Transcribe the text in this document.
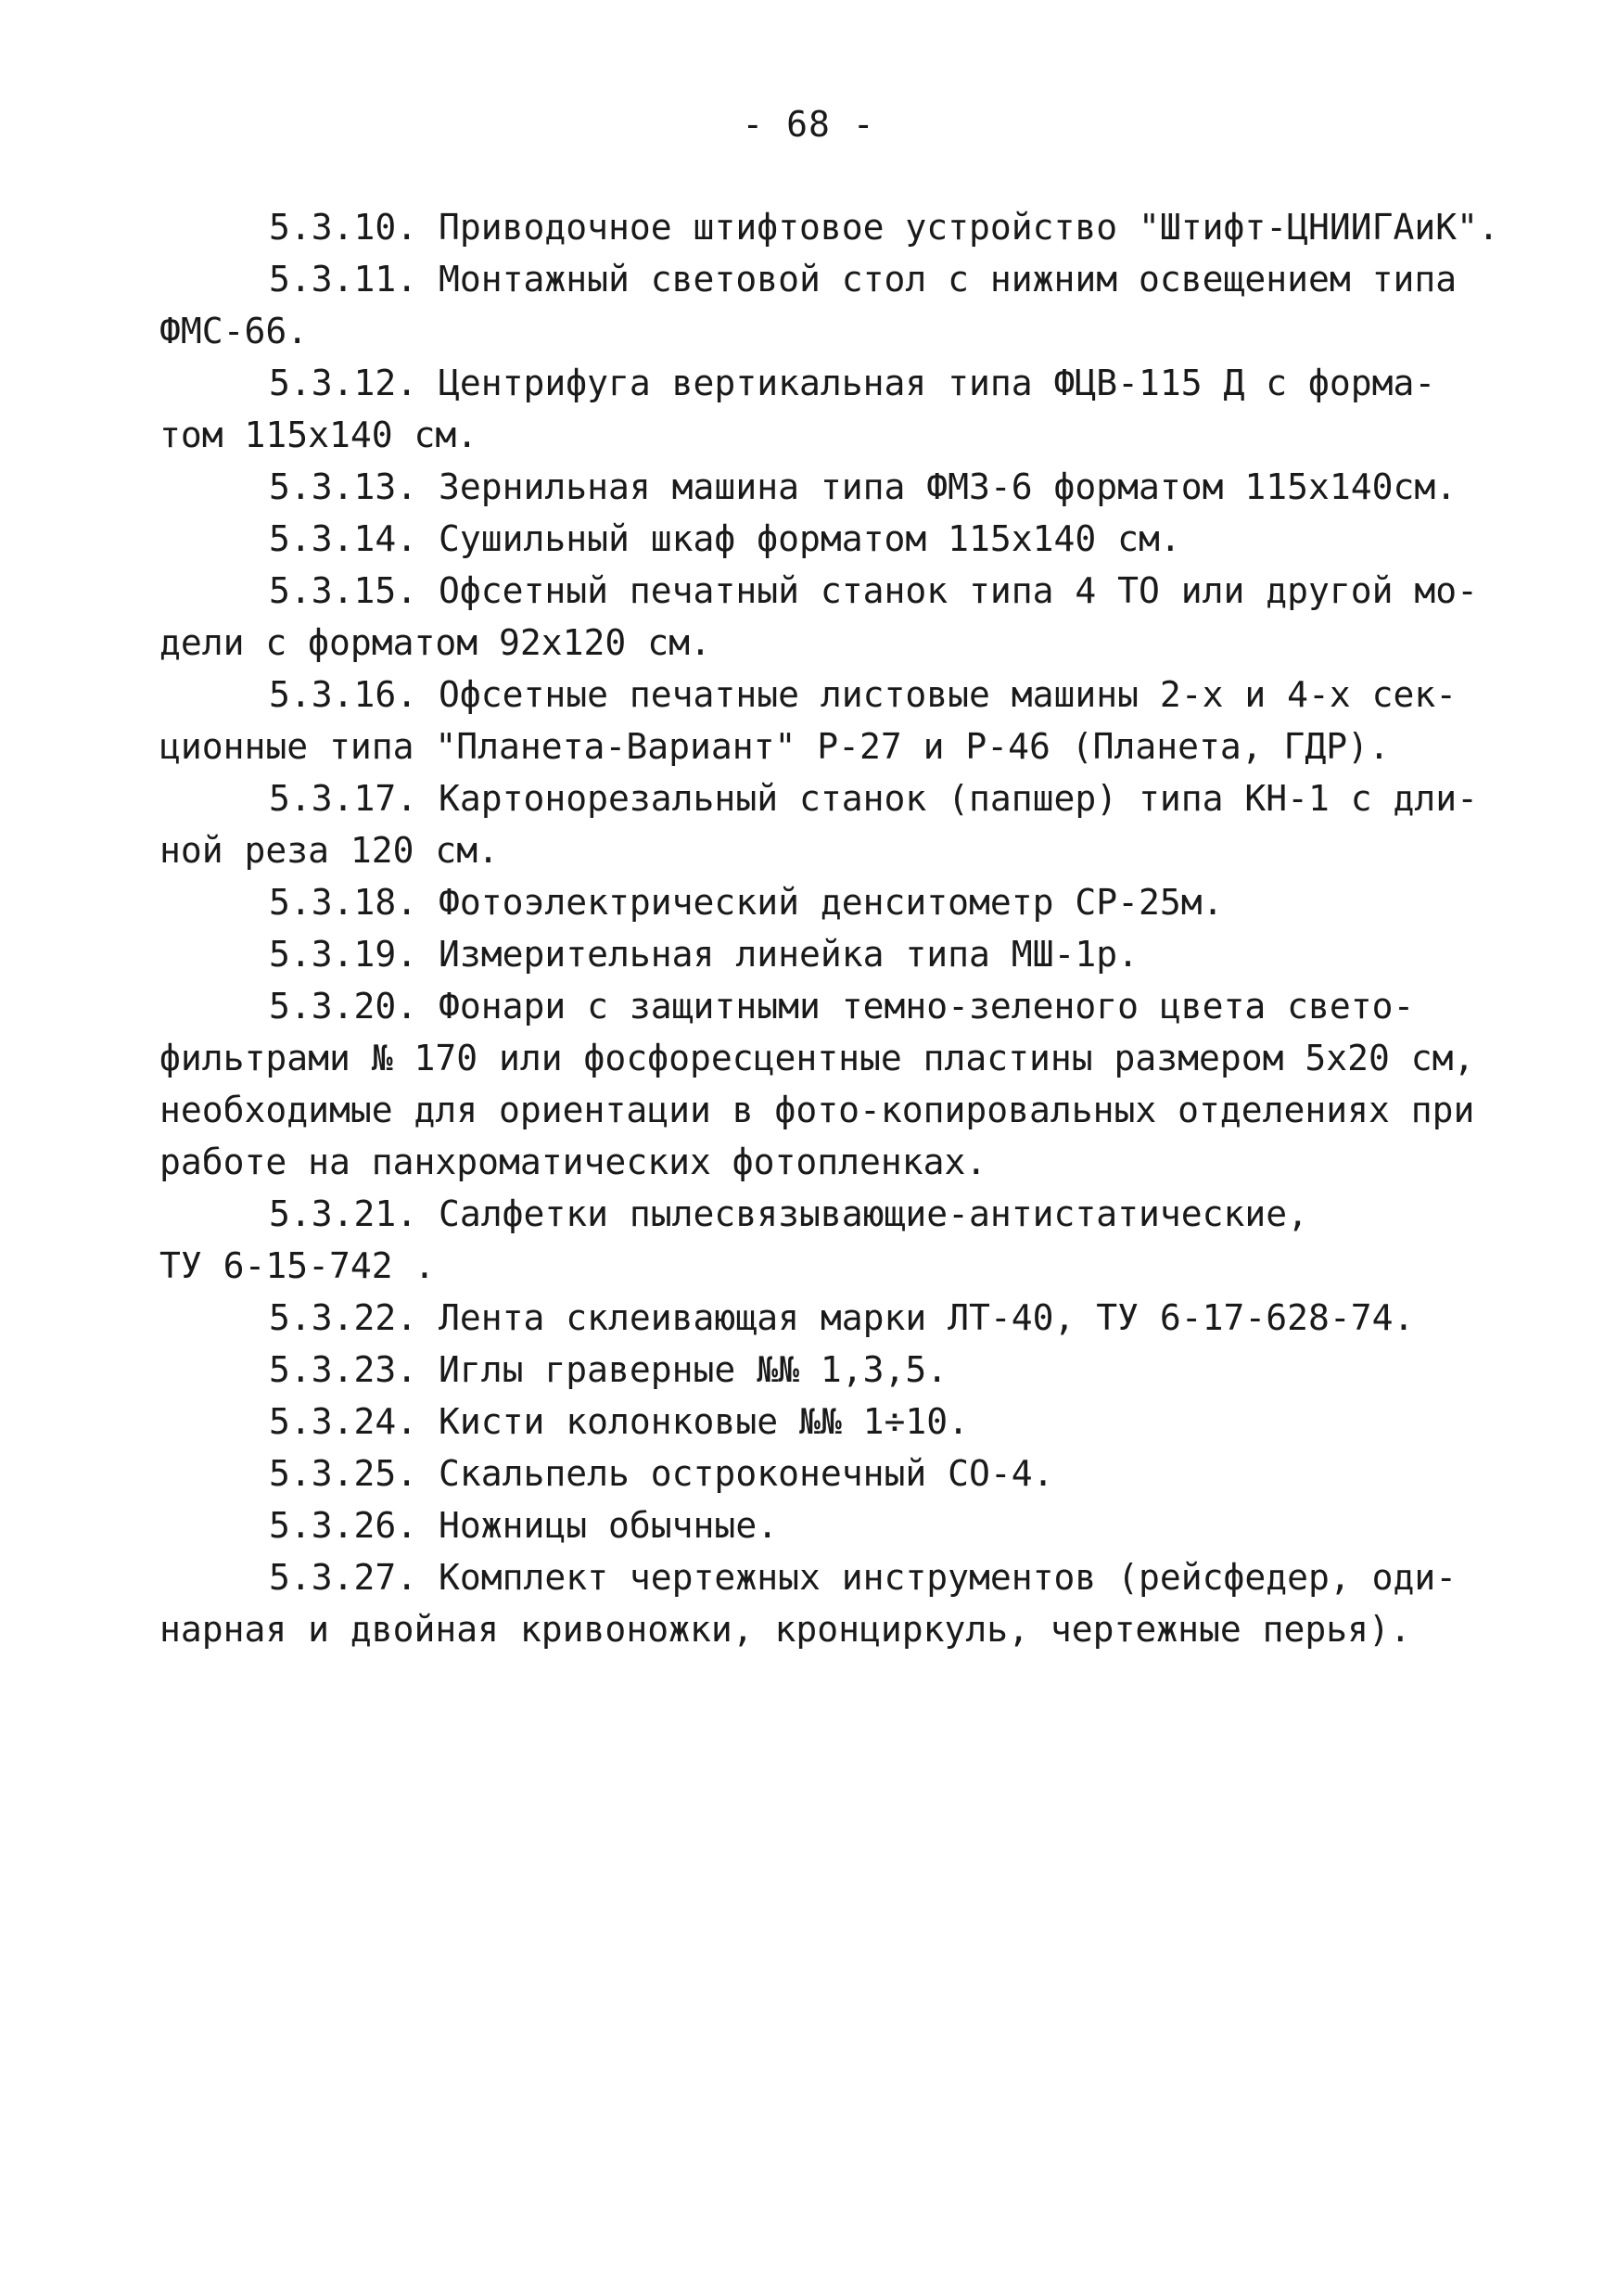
- 68 -
5.3.10. Приводочное штифтовое устройство "Штифт-ЦНИИГАиК".
5.3.11. Монтажный световой стол с нижним освещением типа
ФМС-66.
5.3.12. Центрифуга вертикальная типа ФЦВ-115 Д с форма-
том 115х140 см.
5.3.13. Зернильная машина типа ФМЗ-6 форматом 115х140см.
5.3.14. Сушильный шкаф форматом 115х140 см.
5.3.15. Офсетный печатный станок типа 4 ТО или другой мо-
дели с форматом 92х120 см.
5.3.16. Офсетные печатные листовые машины 2-х и 4-х сек-
ционные типа "Планета-Вариант" Р-27 и Р-46 (Планета, ГДР).
5.3.17. Картонорезальный станок (папшер) типа КН-1 с дли-
ной реза 120 см.
5.3.18. Фотоэлектрический денситометр СР-25м.
5.3.19. Измерительная линейка типа МШ-1р.
5.3.20. Фонари с защитными темно-зеленого цвета свето-
фильтрами № 170 или фосфоресцентные пластины размером 5х20 см,
необходимые для ориентации в фото-копировальных отделениях при
работе на панхроматических фотопленках.
5.3.21. Салфетки пылесвязывающие-антистатические,
ТУ 6-15-742 .
5.3.22. Лента склеивающая марки ЛТ-40, ТУ 6-17-628-74.
5.3.23. Иглы граверные №№ 1,3,5.
5.3.24. Кисти колонковые №№ 1÷10.
5.3.25. Скальпель остроконечный СО-4.
5.3.26. Ножницы обычные.
5.3.27. Комплект чертежных инструментов (рейсфедер, оди-
нарная и двойная кривоножки, кронциркуль, чертежные перья).
